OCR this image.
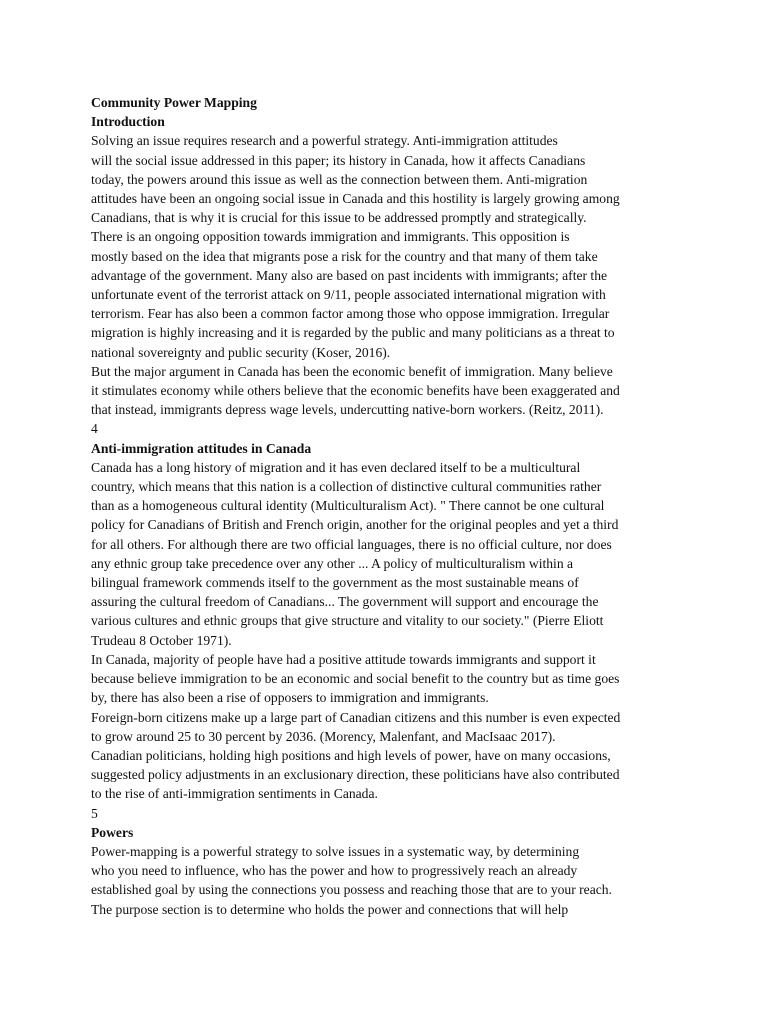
Community Power Mapping
Introduction
Solving an issue requires research and a powerful strategy. Anti-immigration attitudes
will the social issue addressed in this paper; its history in Canada, how it affects Canadians
today, the powers around this issue as well as the connection between them. Anti-migration
attitudes have been an ongoing social issue in Canada and this hostility is largely growing among
Canadians, that is why it is crucial for this issue to be addressed promptly and strategically.
There is an ongoing opposition towards immigration and immigrants. This opposition is
mostly based on the idea that migrants pose a risk for the country and that many of them take
advantage of the government. Many also are based on past incidents with immigrants; after the
unfortunate event of the terrorist attack on 9/11, people associated international migration with
terrorism. Fear has also been a common factor among those who oppose immigration. Irregular
migration is highly increasing and it is regarded by the public and many politicians as a threat to
national sovereignty and public security (Koser, 2016).
But the major argument in Canada has been the economic benefit of immigration. Many believe
it stimulates economy while others believe that the economic benefits have been exaggerated and
that instead, immigrants depress wage levels, undercutting native-born workers. (Reitz, 2011).
4
Anti-immigration attitudes in Canada
Canada has a long history of migration and it has even declared itself to be a multicultural
country, which means that this nation is a collection of distinctive cultural communities rather
than as a homogeneous cultural identity (Multiculturalism Act). " There cannot be one cultural
policy for Canadians of British and French origin, another for the original peoples and yet a third
for all others. For although there are two official languages, there is no official culture, nor does
any ethnic group take precedence over any other ... A policy of multiculturalism within a
bilingual framework commends itself to the government as the most sustainable means of
assuring the cultural freedom of Canadians... The government will support and encourage the
various cultures and ethnic groups that give structure and vitality to our society." (Pierre Eliott
Trudeau 8 October 1971).
In Canada, majority of people have had a positive attitude towards immigrants and support it
because believe immigration to be an economic and social benefit to the country but as time goes
by, there has also been a rise of opposers to immigration and immigrants.
Foreign-born citizens make up a large part of Canadian citizens and this number is even expected
to grow around 25 to 30 percent by 2036. (Morency, Malenfant, and MacIsaac 2017).
Canadian politicians, holding high positions and high levels of power, have on many occasions,
suggested policy adjustments in an exclusionary direction, these politicians have also contributed
to the rise of anti-immigration sentiments in Canada.
5
Powers
Power-mapping is a powerful strategy to solve issues in a systematic way, by determining
who you need to influence, who has the power and how to progressively reach an already
established goal by using the connections you possess and reaching those that are to your reach.
The purpose section is to determine who holds the power and connections that will help
